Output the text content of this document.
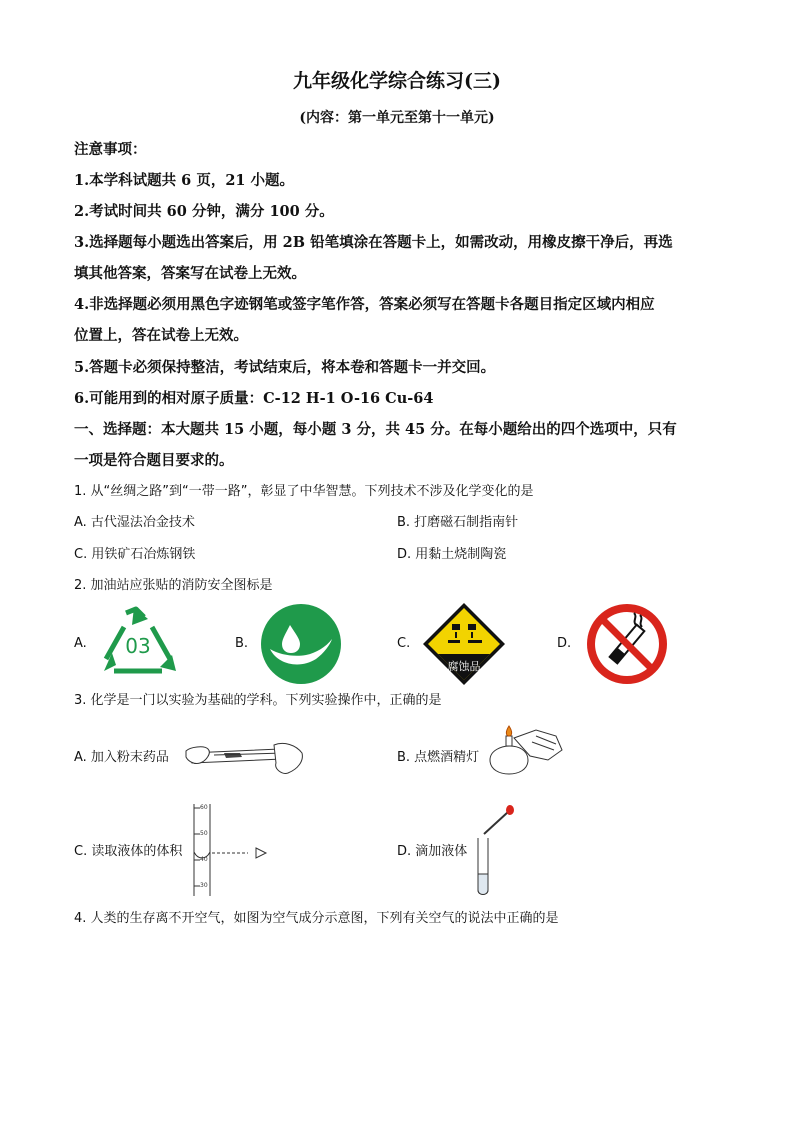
九年级化学综合练习(三)
(内容：第一单元至第十一单元)
注意事项：
1.本学科试题共 6 页，21 小题。
2.考试时间共 60 分钟，满分 100 分。
3.选择题每小题选出答案后，用 2B 铅笔填涂在答题卡上，如需改动，用橡皮擦干净后，再选
填其他答案，答案写在试卷上无效。
4.非选择题必须用黑色字迹钢笔或签字笔作答，答案必须写在答题卡各题目指定区域内相应
位置上，答在试卷上无效。
5.答题卡必须保持整洁，考试结束后，将本卷和答题卡一并交回。
6.可能用到的相对原子质量：C-12 H-1 O-16 Cu-64
一、选择题：本大题共 15 小题，每小题 3 分，共 45 分。在每小题给出的四个选项中，只有
一项是符合题目要求的。
1. 从“丝绸之路”到“一带一路”，彰显了中华智慧。下列技术不涉及化学变化的是
A. 古代湿法冶金技术	B. 打磨磁石制指南针
C. 用铁矿石冶炼钢铁	D. 用黏土烧制陶瓷
2. 加油站应张贴的消防安全图标是
A.	B.	C.	D.
03
腐蚀品
3. 化学是一门以实验为基础的学科。下列实验操作中，正确的是
A. 加入粉末药品	B. 点燃酒精灯
C. 读取液体的体积	D. 滴加液体
60
50
40
30
4. 人类的生存离不开空气，如图为空气成分示意图，下列有关空气的说法中正确的是
